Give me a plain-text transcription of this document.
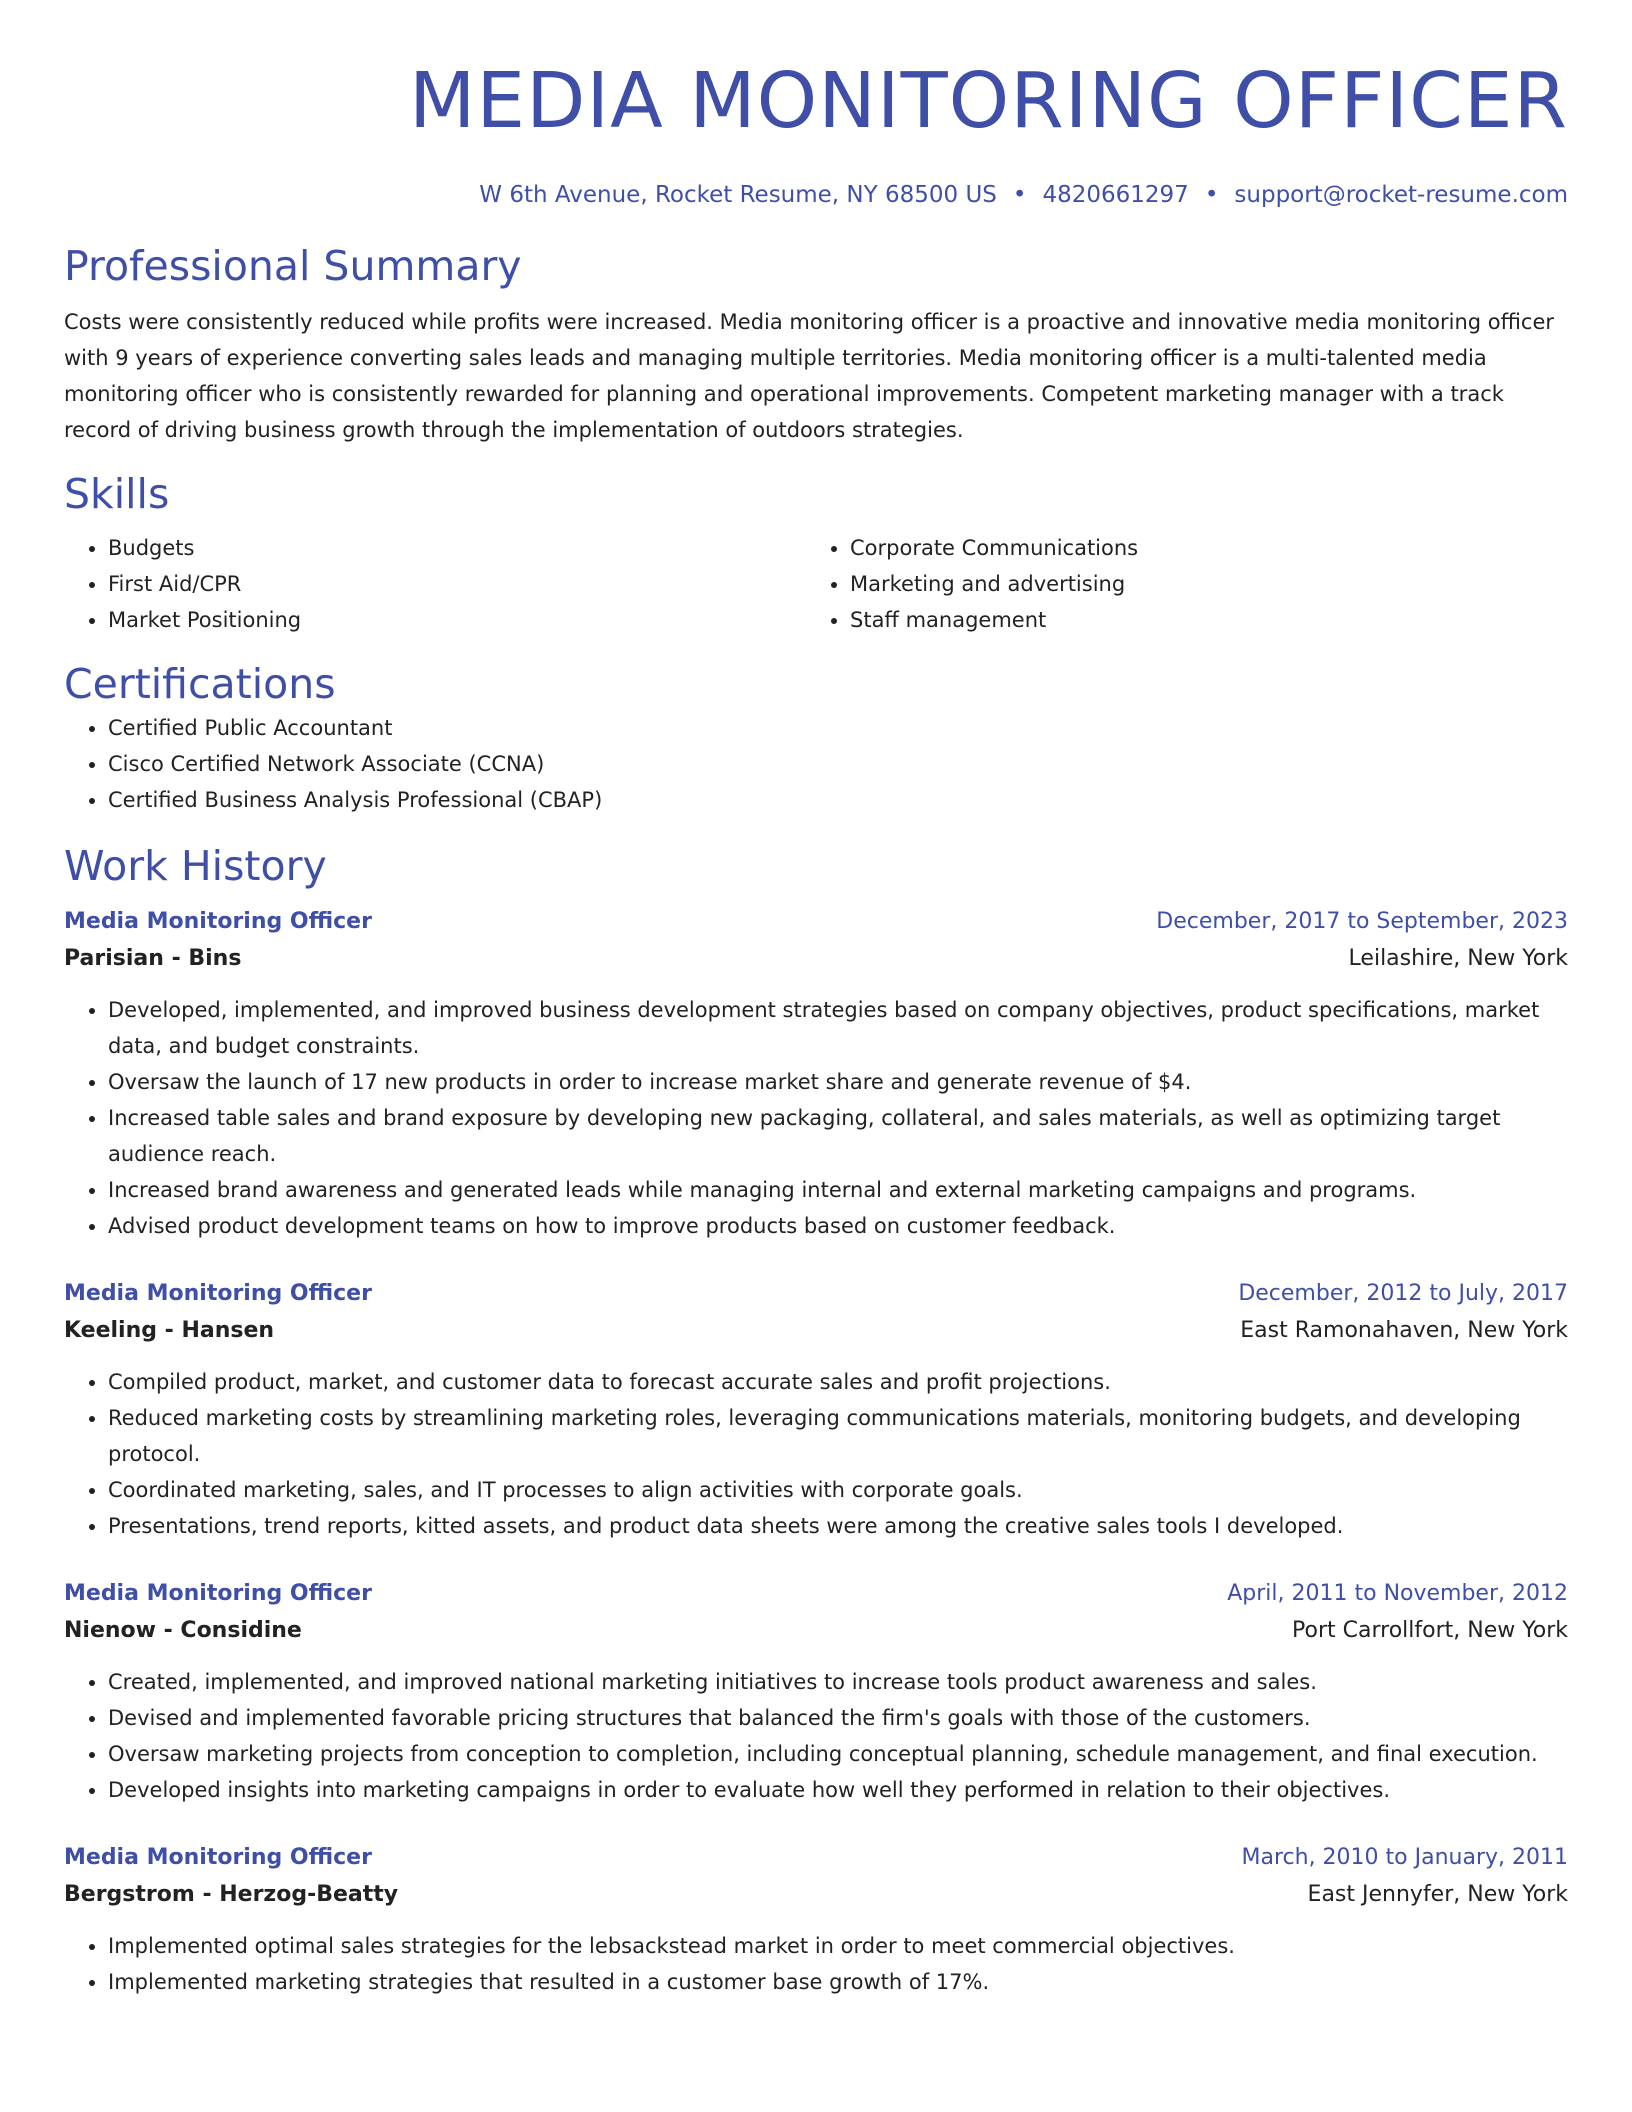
MEDIA MONITORING OFFICER
W 6th Avenue, Rocket Resume, NY 68500 US • 4820661297 • support@rocket-resume.com
Professional Summary
Costs were consistently reduced while profits were increased. Media monitoring officer is a proactive and innovative media monitoring officer with 9 years of experience converting sales leads and managing multiple territories. Media monitoring officer is a multi-talented media monitoring officer who is consistently rewarded for planning and operational improvements. Competent marketing manager with a track record of driving business growth through the implementation of outdoors strategies.
Skills
• Budgets
• First Aid/CPR
• Market Positioning
• Corporate Communications
• Marketing and advertising
• Staff management
Certifications
• Certified Public Accountant
• Cisco Certified Network Associate (CCNA)
• Certified Business Analysis Professional (CBAP)
Work History
Media Monitoring Officer	December, 2017 to September, 2023
Parisian - Bins	Leilashire, New York
• Developed, implemented, and improved business development strategies based on company objectives, product specifications, market data, and budget constraints.
• Oversaw the launch of 17 new products in order to increase market share and generate revenue of $4.
• Increased table sales and brand exposure by developing new packaging, collateral, and sales materials, as well as optimizing target audience reach.
• Increased brand awareness and generated leads while managing internal and external marketing campaigns and programs.
• Advised product development teams on how to improve products based on customer feedback.
Media Monitoring Officer	December, 2012 to July, 2017
Keeling - Hansen	East Ramonahaven, New York
• Compiled product, market, and customer data to forecast accurate sales and profit projections.
• Reduced marketing costs by streamlining marketing roles, leveraging communications materials, monitoring budgets, and developing protocol.
• Coordinated marketing, sales, and IT processes to align activities with corporate goals.
• Presentations, trend reports, kitted assets, and product data sheets were among the creative sales tools I developed.
Media Monitoring Officer	April, 2011 to November, 2012
Nienow - Considine	Port Carrollfort, New York
• Created, implemented, and improved national marketing initiatives to increase tools product awareness and sales.
• Devised and implemented favorable pricing structures that balanced the firm's goals with those of the customers.
• Oversaw marketing projects from conception to completion, including conceptual planning, schedule management, and final execution.
• Developed insights into marketing campaigns in order to evaluate how well they performed in relation to their objectives.
Media Monitoring Officer	March, 2010 to January, 2011
Bergstrom - Herzog-Beatty	East Jennyfer, New York
• Implemented optimal sales strategies for the lebsackstead market in order to meet commercial objectives.
• Implemented marketing strategies that resulted in a customer base growth of 17%.
